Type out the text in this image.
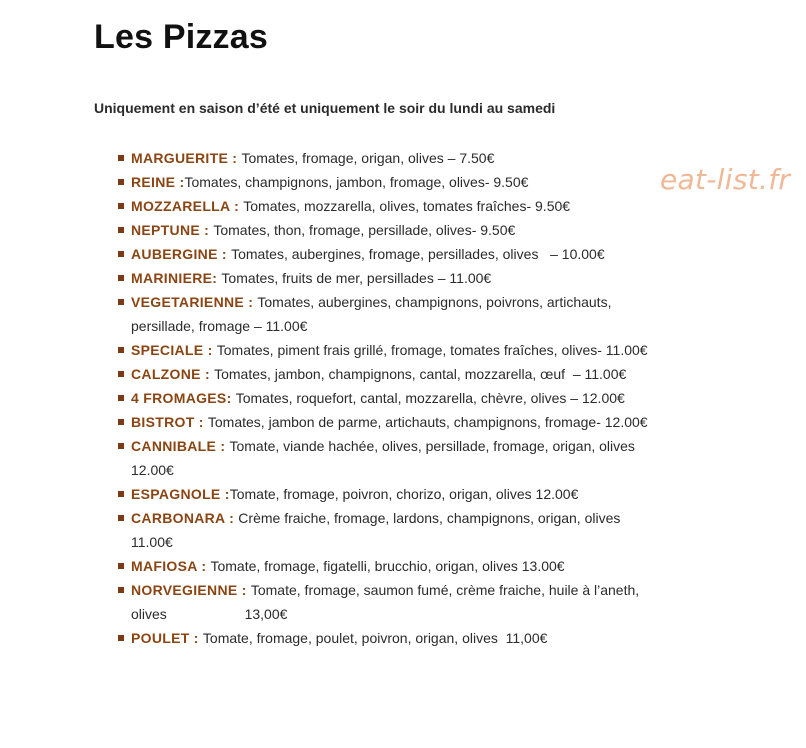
Les Pizzas

Uniquement en saison d’été et uniquement le soir du lundi au samedi

eat-list.fr
MARGUERITE : Tomates, fromage, origan, olives – 7.50€
REINE :Tomates, champignons, jambon, fromage, olives- 9.50€
MOZZARELLA : Tomates, mozzarella, olives, tomates fraîches- 9.50€
NEPTUNE : Tomates, thon, fromage, persillade, olives- 9.50€
AUBERGINE : Tomates, aubergines, fromage, persillades, olives   – 10.00€
MARINIERE: Tomates, fruits de mer, persillades – 11.00€
VEGETARIENNE : Tomates, aubergines, champignons, poivrons, artichauts, persillade, fromage – 11.00€
SPECIALE : Tomates, piment frais grillé, fromage, tomates fraîches, olives- 11.00€
CALZONE : Tomates, jambon, champignons, cantal, mozzarella, œuf  – 11.00€
4 FROMAGES: Tomates, roquefort, cantal, mozzarella, chèvre, olives – 12.00€
BISTROT : Tomates, jambon de parme, artichauts, champignons, fromage- 12.00€
CANNIBALE : Tomate, viande hachée, olives, persillade, fromage, origan, olives 12.00€
ESPAGNOLE :Tomate, fromage, poivron, chorizo, origan, olives 12.00€
CARBONARA : Crème fraiche, fromage, lardons, champignons, origan, olives 11.00€
MAFIOSA : Tomate, fromage, figatelli, brucchio, origan, olives 13.00€
NORVEGIENNE : Tomate, fromage, saumon fumé, crème fraiche, huile à l’aneth, olives                    13,00€
POULET : Tomate, fromage, poulet, poivron, origan, olives  11,00€
